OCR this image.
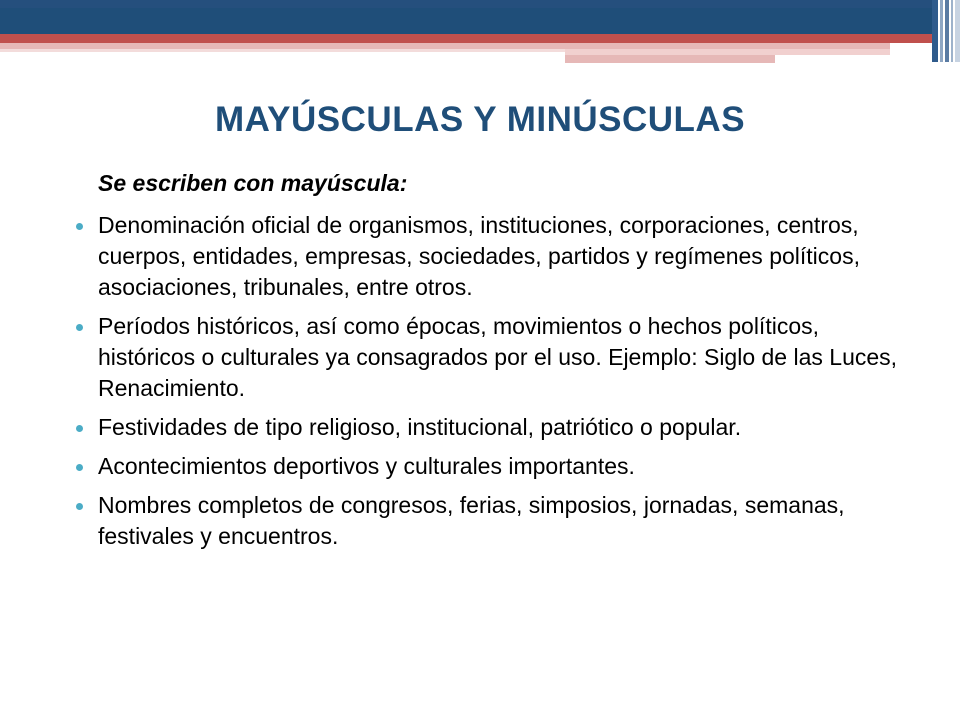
MAYÚSCULAS Y MINÚSCULAS
Se escriben con mayúscula:
Denominación oficial de organismos, instituciones, corporaciones, centros, cuerpos, entidades, empresas, sociedades, partidos y regímenes políticos, asociaciones, tribunales, entre otros.
Períodos históricos, así como épocas, movimientos o hechos políticos, históricos o culturales ya consagrados por el uso. Ejemplo: Siglo de las Luces, Renacimiento.
Festividades de tipo religioso, institucional, patriótico o popular.
Acontecimientos deportivos y culturales importantes.
Nombres completos de congresos, ferias, simposios, jornadas, semanas, festivales y encuentros.
